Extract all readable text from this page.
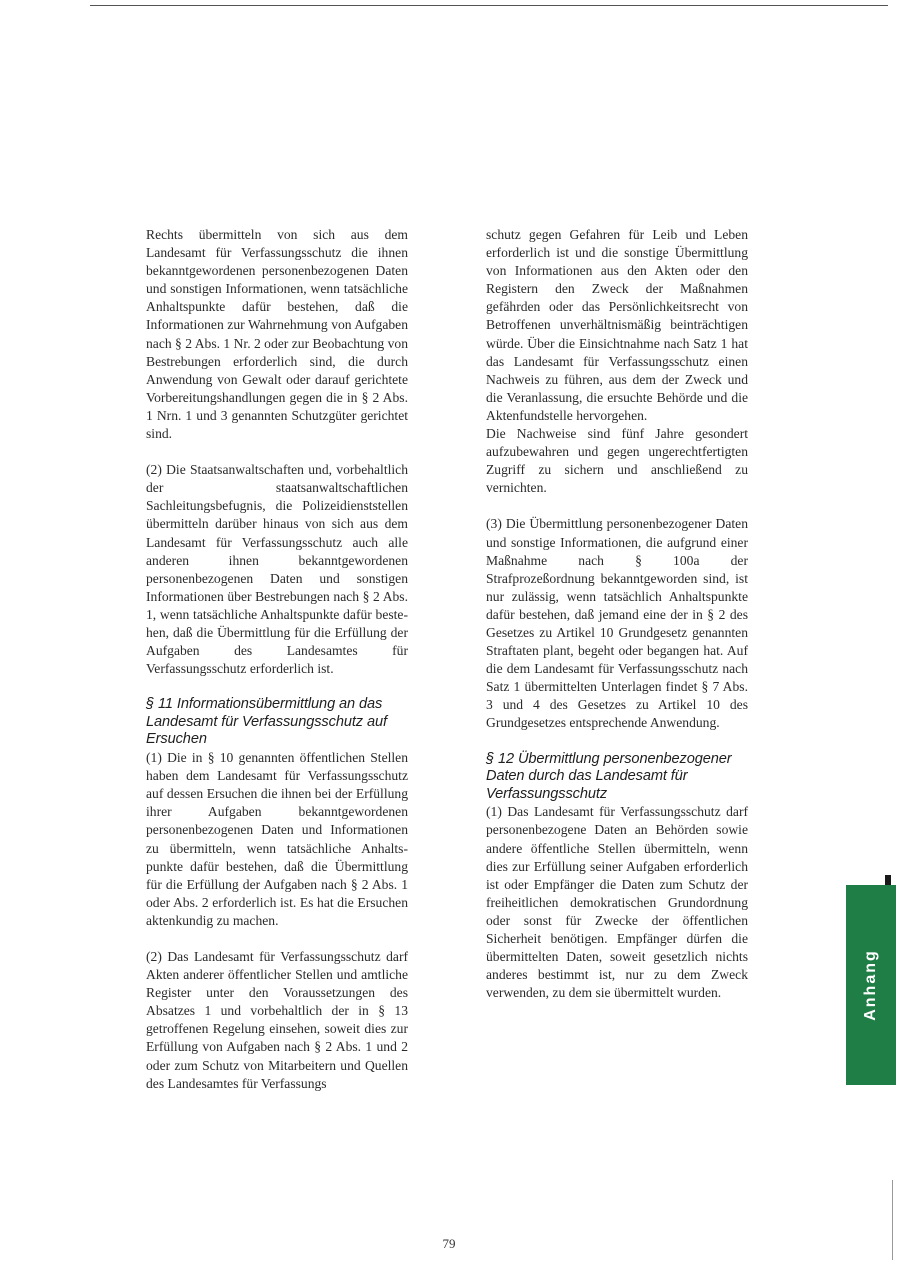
Rechts übermitteln von sich aus dem Landesamt für Verfassungsschutz die ihnen bekanntgewordenen personenbezogenen Daten und sonstigen Informationen, wenn tatsächliche Anhaltspunkte dafür bestehen, daß die Informationen zur Wahrnehmung von Aufgaben nach § 2 Abs. 1 Nr. 2 oder zur Beobachtung von Bestrebungen erforderlich sind, die durch Anwendung von Gewalt oder darauf gerichtete Vorbereitungshandlungen gegen die in § 2 Abs. 1 Nrn. 1 und 3 genannten Schutzgüter gerichtet sind.

(2) Die Staatsanwaltschaften und, vorbehaltlich der staatsanwaltschaftlichen Sachleitungsbefugnis, die Polizeidienststellen übermitteln darüber hinaus von sich aus dem Landesamt für Verfassungsschutz auch alle anderen ihnen bekanntgewordenen personenbezogenen Daten und sonstigen Informationen über Bestrebungen nach § 2 Abs. 1, wenn tatsächliche Anhaltspunkte dafür bestehen, daß die Übermittlung für die Erfüllung der Aufgaben des Landesamtes für Verfassungsschutz erforderlich ist.

§ 11 Informationsübermittlung an das Landesamt für Verfassungsschutz auf Ersuchen

(1) Die in § 10 genannten öffentlichen Stellen haben dem Landesamt für Verfassungsschutz auf dessen Ersuchen die ihnen bei der Erfüllung ihrer Aufgaben bekanntgewordenen personenbezogenen Daten und Informationen zu übermitteln, wenn tatsächliche Anhaltspunkte dafür bestehen, daß die Übermittlung für die Erfüllung der Aufgaben nach § 2 Abs. 1 oder Abs. 2 erforderlich ist. Es hat die Ersuchen aktenkundig zu machen.

(2) Das Landesamt für Verfassungsschutz darf Akten anderer öffentlicher Stellen und amtliche Register unter den Voraussetzungen des Absatzes 1 und vorbehaltlich der in § 13 getroffenen Regelung einsehen, soweit dies zur Erfüllung von Aufgaben nach § 2 Abs. 1 und 2 oder zum Schutz von Mitarbeitern und Quellen des Landesamtes für Verfassungs

schutz gegen Gefahren für Leib und Leben erforderlich ist und die sonstige Übermittlung von Informationen aus den Akten oder den Registern den Zweck der Maßnahmen gefährden oder das Persönlichkeitsrecht von Betroffenen unverhältnismäßig beinträchtigen würde. Über die Einsichtnahme nach Satz 1 hat das Landesamt für Verfassungsschutz einen Nachweis zu führen, aus dem der Zweck und die Veranlassung, die ersuchte Behörde und die Aktenfundstelle hervorgehen.

Die Nachweise sind fünf Jahre gesondert aufzubewahren und gegen ungerechtfertigten Zugriff zu sichern und anschließend zu vernichten.

(3) Die Übermittlung personenbezogener Daten und sonstige Informationen, die aufgrund einer Maßnahme nach § 100a der Strafprozeßordnung bekanntgeworden sind, ist nur zulässig, wenn tatsächlich Anhaltspunkte dafür bestehen, daß jemand eine der in § 2 des Gesetzes zu Artikel 10 Grundgesetz genannten Straftaten plant, begeht oder begangen hat. Auf die dem Landesamt für Verfassungsschutz nach Satz 1 übermittelten Unterlagen findet § 7 Abs. 3 und 4 des Gesetzes zu Artikel 10 des Grundgesetzes entsprechende Anwendung.

§ 12 Übermittlung personenbezogener Daten durch das Landesamt für Verfassungsschutz

(1) Das Landesamt für Verfassungsschutz darf personenbezogene Daten an Behörden sowie andere öffentliche Stellen übermitteln, wenn dies zur Erfüllung seiner Aufgaben erforderlich ist oder Empfänger die Daten zum Schutz der freiheitlichen demokratischen Grundordnung oder sonst für Zwecke der öffentlichen Sicherheit benötigen. Empfänger dürfen die übermittelten Daten, soweit gesetzlich nichts anderes bestimmt ist, nur zu dem Zweck verwenden, zu dem sie übermittelt wurden.	Anhang
79
